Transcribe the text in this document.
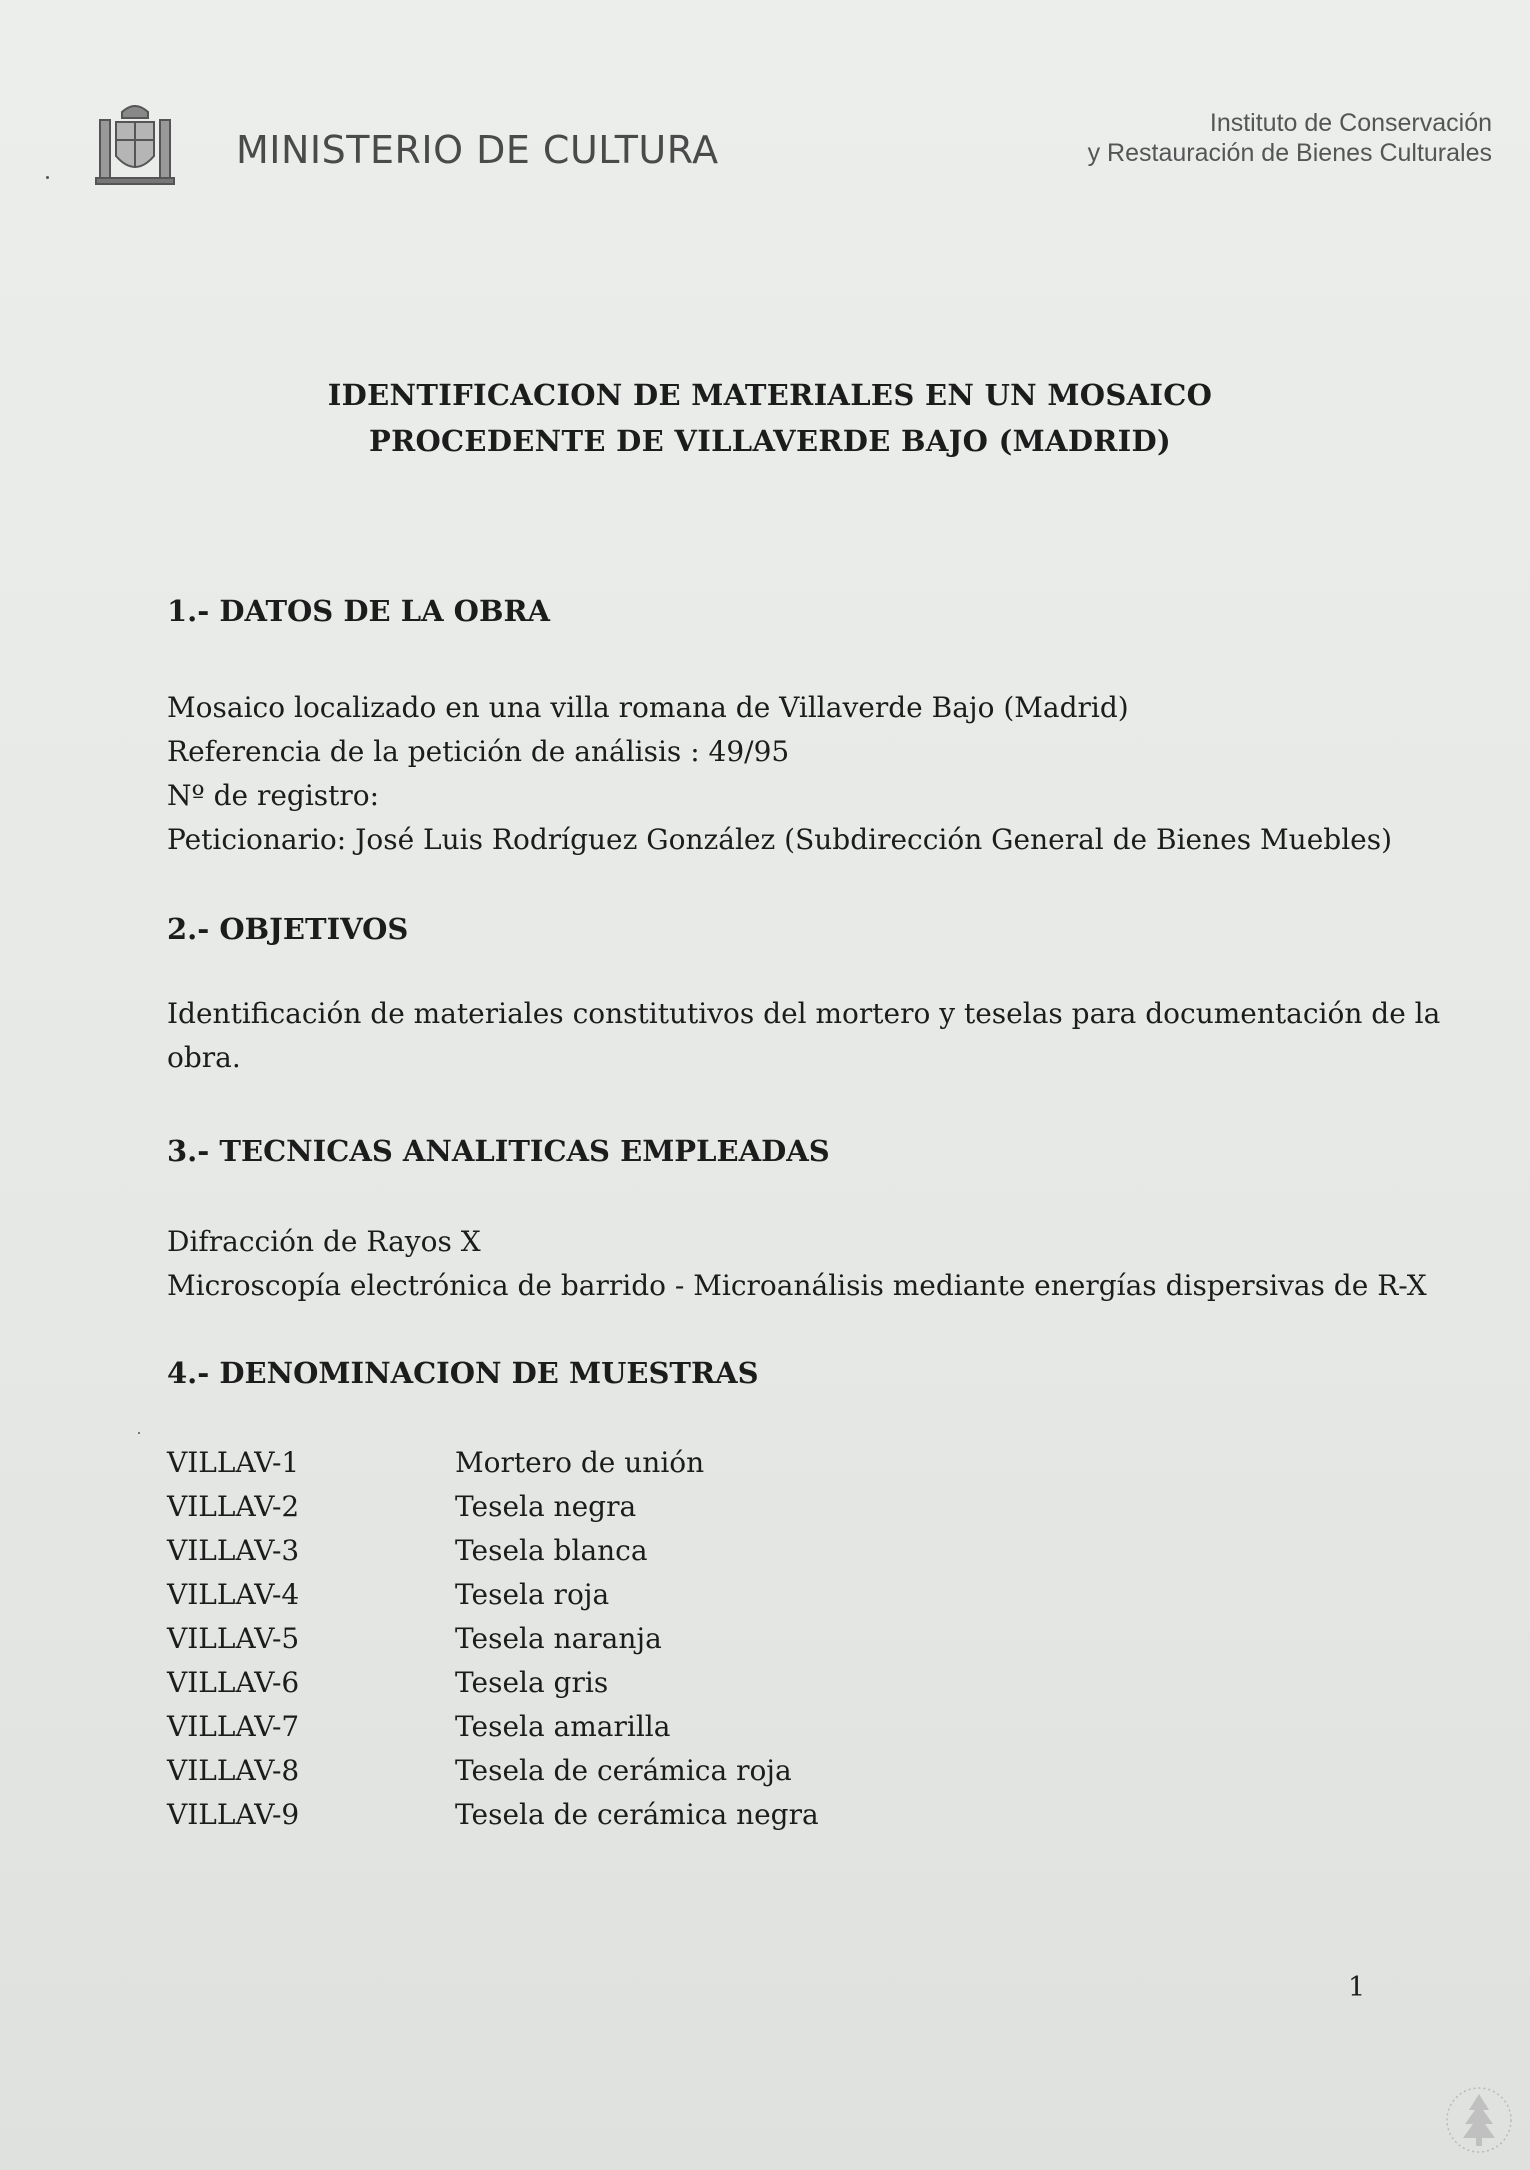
MINISTERIO DE CULTURA
Instituto de Conservación
y Restauración de Bienes Culturales
IDENTIFICACION DE MATERIALES EN UN MOSAICO
PROCEDENTE DE VILLAVERDE BAJO (MADRID)
1.- DATOS DE LA OBRA
Mosaico localizado en una villa romana de Villaverde Bajo (Madrid)
Referencia de la petición de análisis : 49/95
Nº de registro:
Peticionario: José Luis Rodríguez González (Subdirección General de Bienes Muebles)
2.- OBJETIVOS
Identificación de materiales constitutivos del mortero y teselas para documentación de la
obra.
3.- TECNICAS ANALITICAS EMPLEADAS
Difracción de Rayos X
Microscopía electrónica de barrido - Microanálisis mediante energías dispersivas de R-X
4.- DENOMINACION DE MUESTRAS
VILLAV-1	Mortero de unión
VILLAV-2	Tesela negra
VILLAV-3	Tesela blanca
VILLAV-4	Tesela roja
VILLAV-5	Tesela naranja
VILLAV-6	Tesela gris
VILLAV-7	Tesela amarilla
VILLAV-8	Tesela de cerámica roja
VILLAV-9	Tesela de cerámica negra
1
